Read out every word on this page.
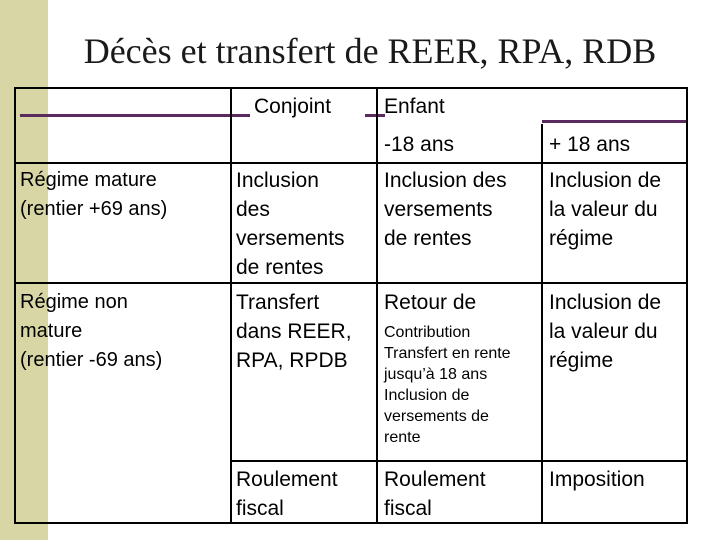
Décès et transfert de REER, RPA, RDB
Conjoint	Enfant
-18 ans	+ 18 ans
Régime mature
(rentier +69 ans)
Inclusion
des
versements
de rentes
Inclusion des
versements
de rentes
Inclusion de
la valeur du
régime
Régime non
mature
(rentier -69 ans)
Transfert
dans REER,
RPA, RPDB
Retour de
Contribution
Transfert en rente
jusqu’à 18 ans
Inclusion de
versements de
rente
Inclusion de
la valeur du
régime
Roulement
fiscal
Roulement
fiscal
Imposition
